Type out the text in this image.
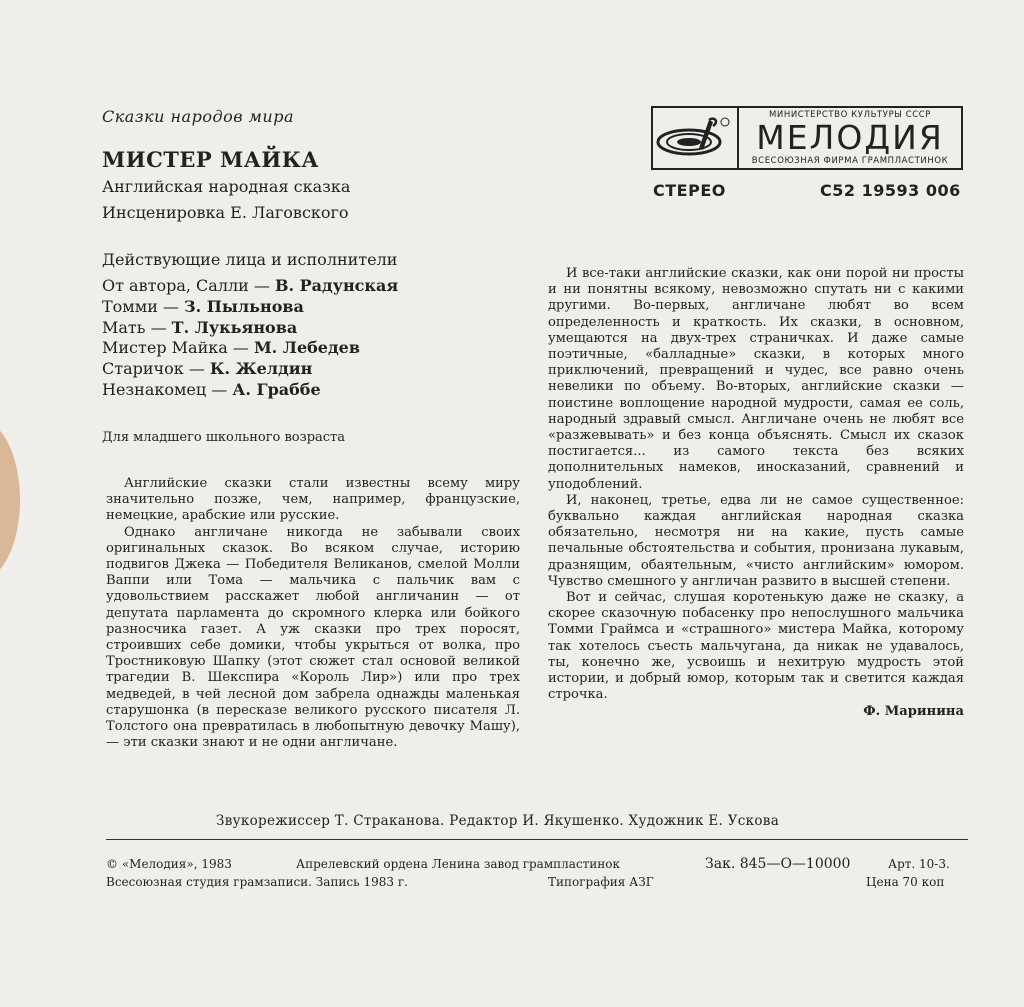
Сказки народов мира
МИСТЕР МАЙКА
Английская народная сказка
Инсценировка Е. Лаговского
МИНИСТЕРСТВО КУЛЬТУРЫ СССР
МЕЛОДИЯ
ВСЕСОЮЗНАЯ ФИРМА ГРАМПЛАСТИНОК
СТЕРЕО	С52 19593 006
Действующие лица и исполнители
От автора, Салли — В. Радунская
Томми — З. Пыльнова
Мать — Т. Лукьянова
Мистер Майка — М. Лебедев
Старичок — К. Желдин
Незнакомец — А. Граббе
Для младшего школьного возраста

Английские сказки стали известны всему миру значительно позже, чем, например, французские, немецкие, арабские или русские.

Однако англичане никогда не забывали своих оригинальных сказок. Во всяком случае, историю подвигов Джека — Победителя Великанов, смелой Молли Ваппи или Тома — мальчика с пальчик вам с удовольствием расскажет любой англичанин — от депутата парламента до скромного клерка или бойкого разносчика газет. А уж сказки про трех поросят, строивших себе домики, чтобы укрыться от волка, про Тростниковую Шапку (этот сюжет стал основой великой трагедии В. Шекспира «Король Лир») или про трех медведей, в чей лесной дом забрела однажды маленькая старушонка (в пересказе великого русского писателя Л. Толстого она превратилась в любопытную девочку Машу),— эти сказки знают и не одни англичане.

И все-таки английские сказки, как они порой ни просты и ни понятны всякому, невозможно спутать ни с какими другими. Во-первых, англичане любят во всем определенность и краткость. Их сказки, в основном, умещаются на двух-трех страничках. И даже самые поэтичные, «балладные» сказки, в которых много приключений, превращений и чудес, все равно очень невелики по объему. Во-вторых, английские сказки — поистине воплощение народной мудрости, самая ее соль, народный здравый смысл. Англичане очень не любят все «разжевывать» и без конца объяснять. Смысл их сказок постигается... из самого текста без всяких дополнительных намеков, иносказаний, сравнений и уподоблений.

И, наконец, третье, едва ли не самое существенное: буквально каждая английская народная сказка обязательно, несмотря ни на какие, пусть самые печальные обстоятельства и события, пронизана лукавым, дразнящим, обаятельным, «чисто английским» юмором. Чувство смешного у англичан развито в высшей степени.

Вот и сейчас, слушая коротенькую даже не сказку, а скорее сказочную побасенку про непослушного мальчика Томми Граймса и «страшного» мистера Майка, которому так хотелось съесть мальчугана, да никак не удавалось, ты, конечно же, усвоишь и нехитрую мудрость этой истории, и добрый юмор, которым так и светится каждая строчка.

Ф. Маринина
Звукорежиссер Т. Страканова. Редактор И. Якушенко. Художник Е. Ускова
© «Мелодия», 1983
Всесоюзная студия грамзаписи. Запись 1983 г.
Апрелевский ордена Ленина завод грампластинок
Типография АЗГ
Зак. 845—О—10000	Арт. 10-3.
Цена 70 коп
